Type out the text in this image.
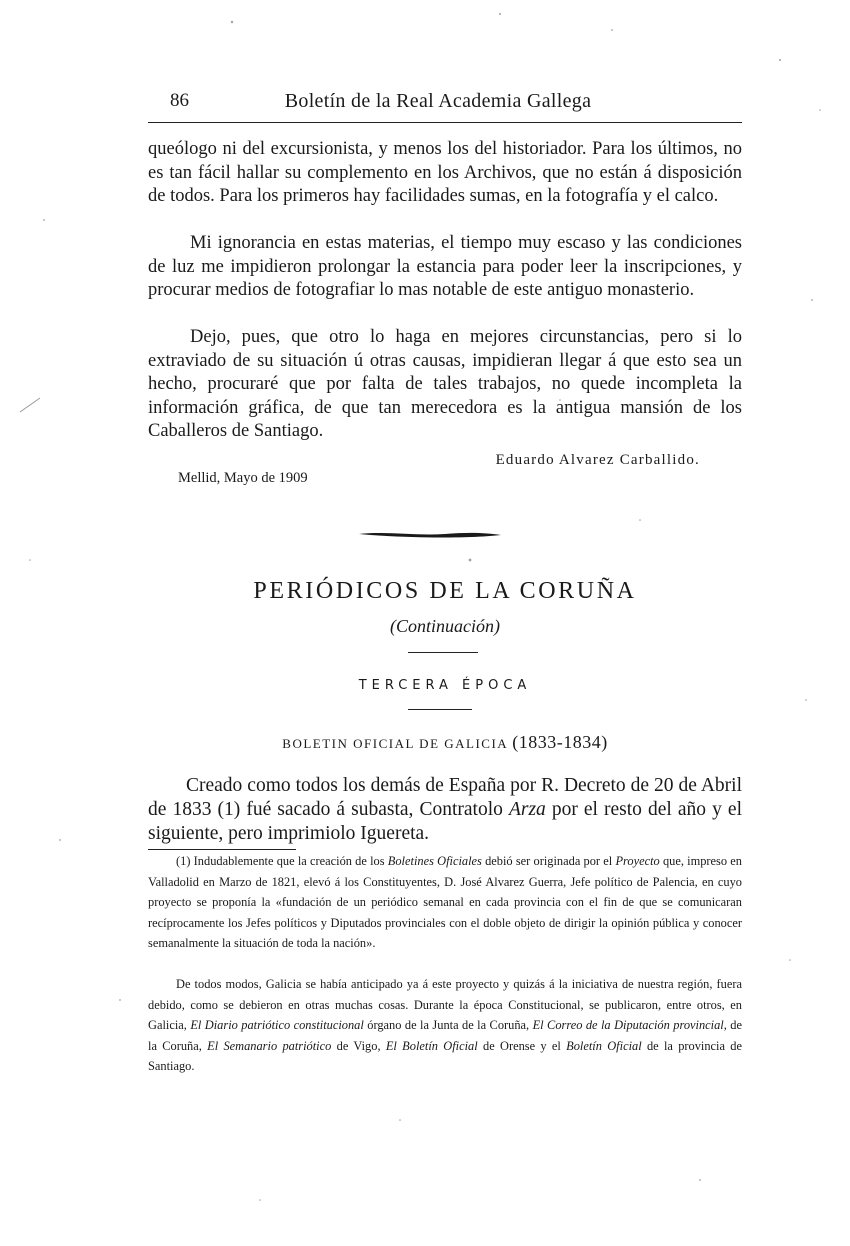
86	Boletín de la Real Academia Gallega

queólogo ni del excursionista, y menos los del historiador. Para los últimos, no es tan fácil hallar su complemento en los Archivos, que no están á disposición de todos. Para los primeros hay facilidades sumas, en la fotografía y el calco.

Mi ignorancia en estas materias, el tiempo muy escaso y las condiciones de luz me impidieron prolongar la estancia para poder leer la inscripciones, y procurar medios de fotografiar lo mas notable de este antiguo monasterio.

Dejo, pues, que otro lo haga en mejores circunstancias, pero si lo extraviado de su situación ú otras causas, impidieran llegar á que esto sea un hecho, procuraré que por falta de tales trabajos, no quede incompleta la información gráfica, de que tan merecedora es la antigua mansión de los Caballeros de Santiago.

Eduardo Alvarez Carballido.
Mellid, Mayo de 1909
PERIÓDICOS DE LA CORUÑA
(Continuación)
TERCERA ÉPOCA
BOLETIN OFICIAL DE GALICIA (1833-1834)

Creado como todos los demás de España por R. Decreto de 20 de Abril de 1833 (1) fué sacado á subasta, Contratolo Arza por el resto del año y el siguiente, pero imprimiolo Iguereta.

(1) Indudablemente que la creación de los Boletines Oficiales debió ser originada por el Proyecto que, impreso en Valladolid en Marzo de 1821, elevó á los Constituyentes, D. José Alvarez Guerra, Jefe político de Palencia, en cuyo proyecto se proponía la «fundación de un periódico semanal en cada provincia con el fin de que se comunicaran recíprocamente los Jefes políticos y Diputados provinciales con el doble objeto de dirigir la opinión pública y conocer semanalmente la situación de toda la nación».

De todos modos, Galicia se había anticipado ya á este proyecto y quizás á la iniciativa de nuestra región, fuera debido, como se debieron en otras muchas cosas. Durante la época Constitucional, se publicaron, entre otros, en Galicia, El Diario patriótico constitucional órgano de la Junta de la Coruña, El Correo de la Diputación provincial, de la Coruña, El Semanario patriótico de Vigo, El Boletín Oficial de Orense y el Boletín Oficial de la provincia de Santiago.
